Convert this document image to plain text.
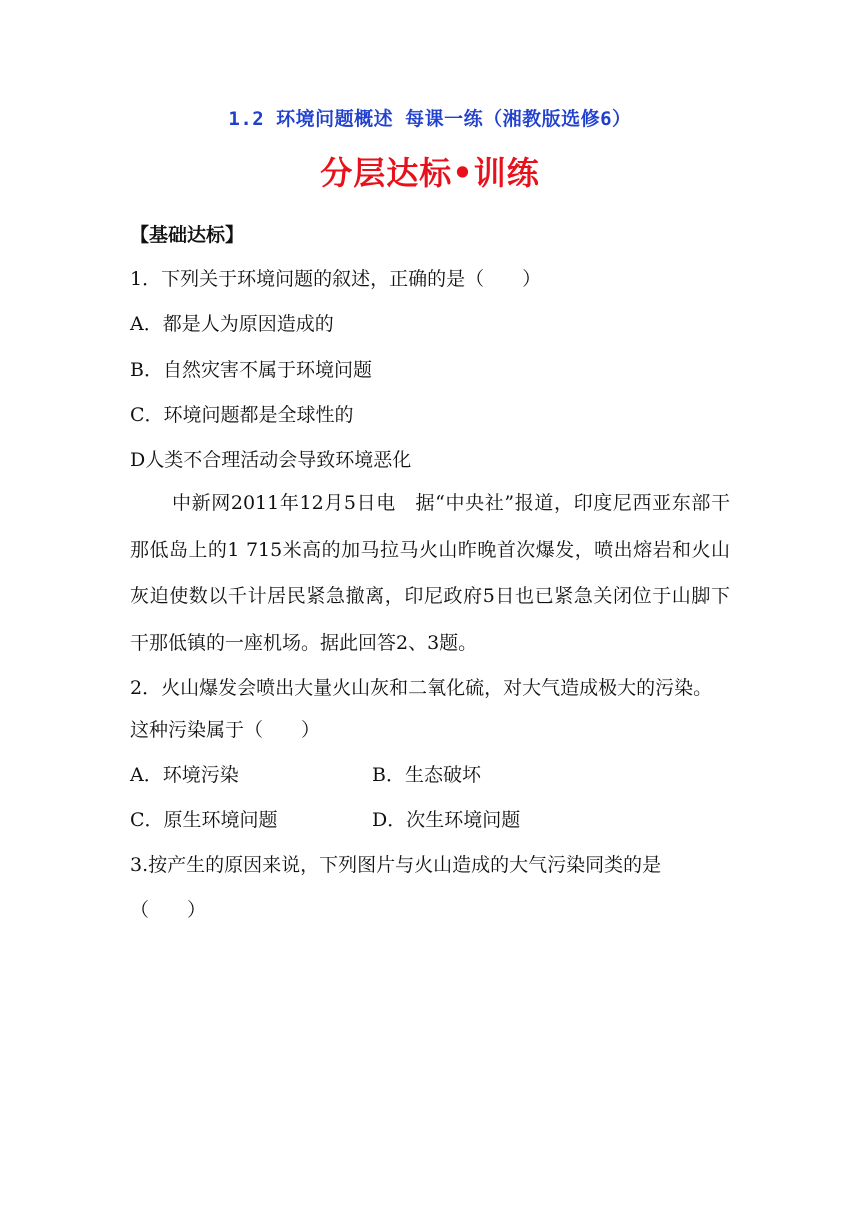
1.2 环境问题概述 每课一练（湘教版选修6）
分层达标•训练
【基础达标】
1．下列关于环境问题的叙述，正确的是（　　）
A．都是人为原因造成的
B．自然灾害不属于环境问题
C．环境问题都是全球性的
D人类不合理活动会导致环境恶化
中新网2011年12月5日电　据“中央社”报道，印度尼西亚东部干那低岛上的1 715米高的加马拉马火山昨晚首次爆发，喷出熔岩和火山灰迫使数以千计居民紧急撤离，印尼政府5日也已紧急关闭位于山脚下干那低镇的一座机场。据此回答2、3题。
2．火山爆发会喷出大量火山灰和二氧化硫，对大气造成极大的污染。
这种污染属于（　　）
A．环境污染	B．生态破坏
C．原生环境问题	D．次生环境问题
3.按产生的原因来说，下列图片与火山造成的大气污染同类的是
（　　）
